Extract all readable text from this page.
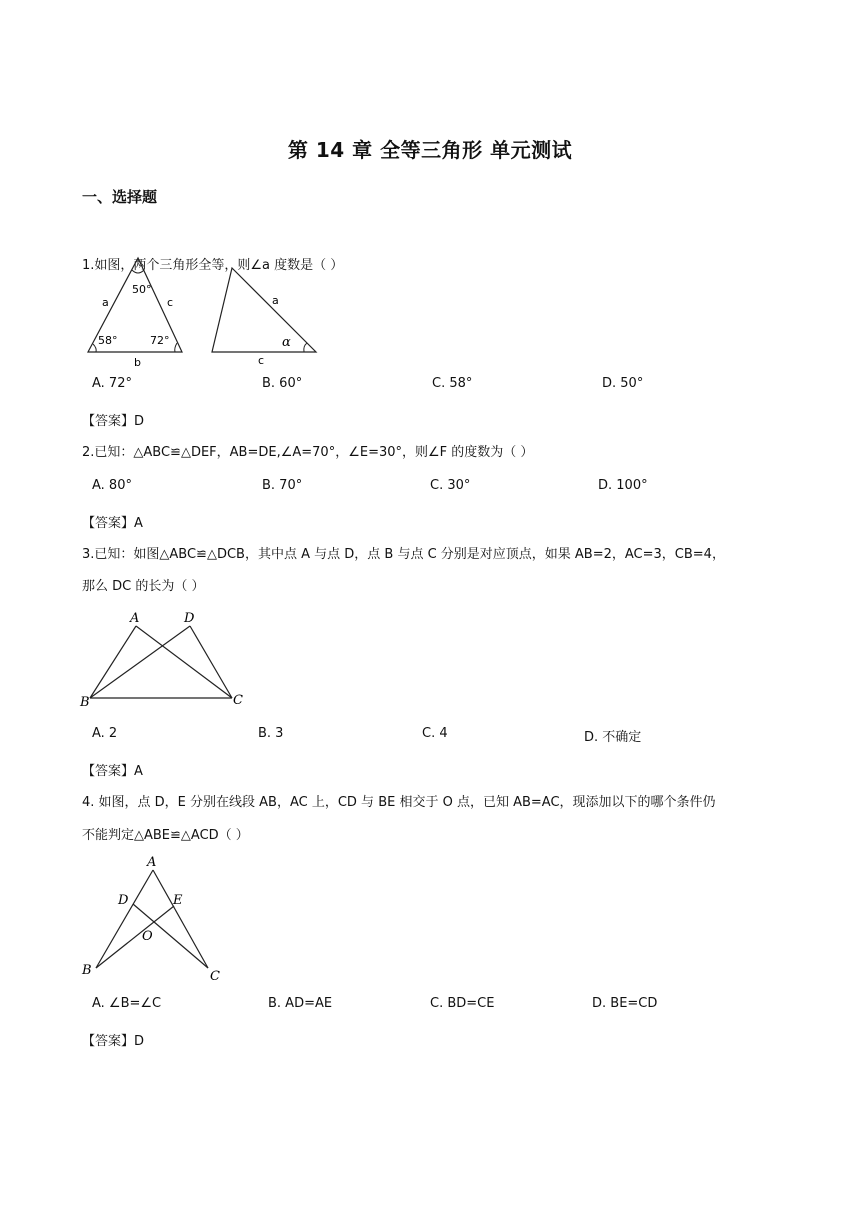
第 14 章 全等三角形 单元测试
一、选择题
1.如图，两个三角形全等，则∠a 度数是（ ）
50°
58°	72°
a	c
b
a
c
α
A. 72°	B. 60°	C. 58°	D. 50°
【答案】D
2.已知：△ABC≌△DEF，AB=DE,∠A=70°，∠E=30°，则∠F 的度数为（ ）
A. 80°	B. 70°	C. 30°	D. 100°
【答案】A
3.已知：如图△ABC≌△DCB，其中点 A 与点 D，点 B 与点 C 分别是对应顶点，如果 AB=2，AC=3，CB=4，
那么 DC 的长为（ ）
A	D
B	C
A. 2	B. 3	C. 4	D. 不确定
【答案】A
4. 如图，点 D，E 分别在线段 AB，AC 上，CD 与 BE 相交于 O 点，已知 AB=AC，现添加以下的哪个条件仍
不能判定△ABE≌△ACD（ ）
A
D	E
O
B	C
A. ∠B=∠C	B. AD=AE	C. BD=CE	D. BE=CD
【答案】D
